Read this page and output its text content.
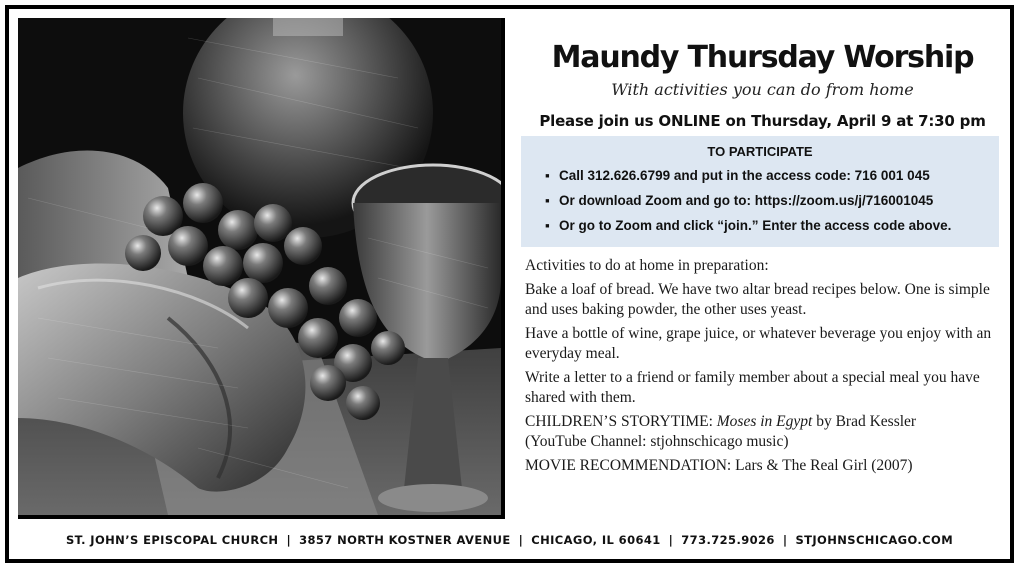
Maundy Thursday Worship
With activities you can do from home
Please join us ONLINE on Thursday, April 9 at 7:30 pm
TO PARTICIPATE
▪ Call 312.626.6799 and put in the access code: 716 001 045
▪ Or download Zoom and go to: https://zoom.us/j/716001045
▪ Or go to Zoom and click “join.” Enter the access code above.

Activities to do at home in preparation:

Bake a loaf of bread. We have two altar bread recipes below. One is simple and uses baking powder, the other uses yeast.

Have a bottle of wine, grape juice, or whatever beverage you enjoy with an everyday meal.

Write a letter to a friend or family member about a special meal you have shared with them.

CHILDREN’S STORYTIME: Moses in Egypt by Brad Kessler
(YouTube Channel: stjohnschicago music)

MOVIE RECOMMENDATION: Lars & The Real Girl (2007)

ST. JOHN’S EPISCOPAL CHURCH | 3857 NORTH KOSTNER AVENUE | CHICAGO, IL 60641 | 773.725.9026 | STJOHNSCHICAGO.COM
